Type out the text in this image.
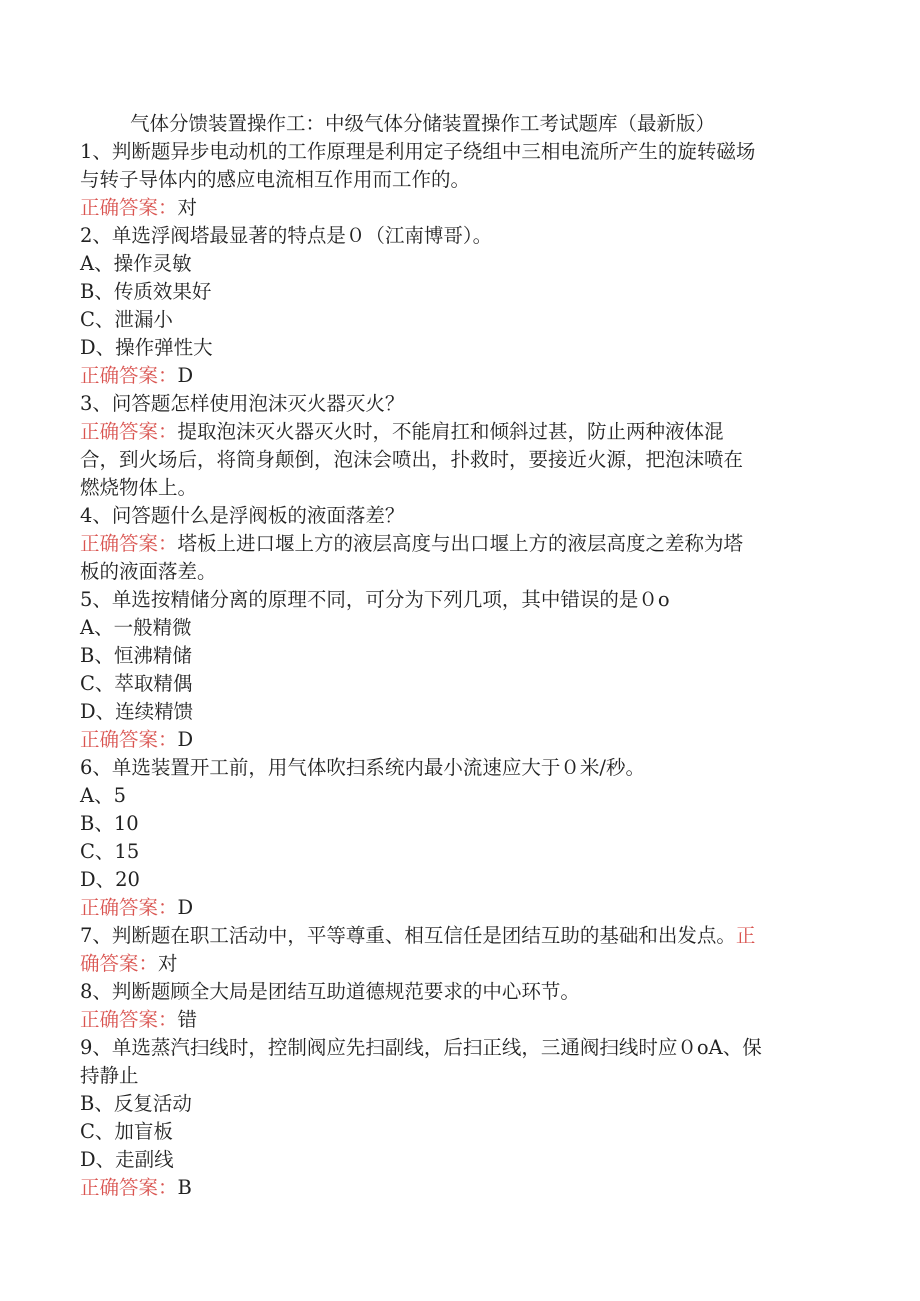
气体分馈装置操作工：中级气体分储装置操作工考试题库（最新版）
1、判断题异步电动机的工作原理是利用定子绕组中三相电流所产生的旋转磁场
与转子导体内的感应电流相互作用而工作的。
正确答案：对
2、单选浮阀塔最显著的特点是０（江南博哥）。
A、操作灵敏
B、传质效果好
C、泄漏小
D、操作弹性大
正确答案：D
3、问答题怎样使用泡沫灭火器灭火？
正确答案：提取泡沫灭火器灭火时，不能肩扛和倾斜过甚，防止两种液体混
合，到火场后，将筒身颠倒，泡沫会喷出，扑救时，要接近火源，把泡沫喷在
燃烧物体上。
4、问答题什么是浮阀板的液面落差？
正确答案：塔板上进口堰上方的液层高度与出口堰上方的液层高度之差称为塔
板的液面落差。
5、单选按精储分离的原理不同，可分为下列几项，其中错误的是０o
A、一般精微
B、恒沸精储
C、萃取精偶
D、连续精馈
正确答案：D
6、单选装置开工前，用气体吹扫系统内最小流速应大于０米/秒。
A、5
B、10
C、15
D、20
正确答案：D
7、判断题在职工活动中，平等尊重、相互信任是团结互助的基础和出发点。正
确答案：对
8、判断题顾全大局是团结互助道德规范要求的中心环节。
正确答案：错
9、单选蒸汽扫线时，控制阀应先扫副线，后扫正线，三通阀扫线时应０oA、保
持静止
B、反复活动
C、加盲板
D、走副线
正确答案：B
